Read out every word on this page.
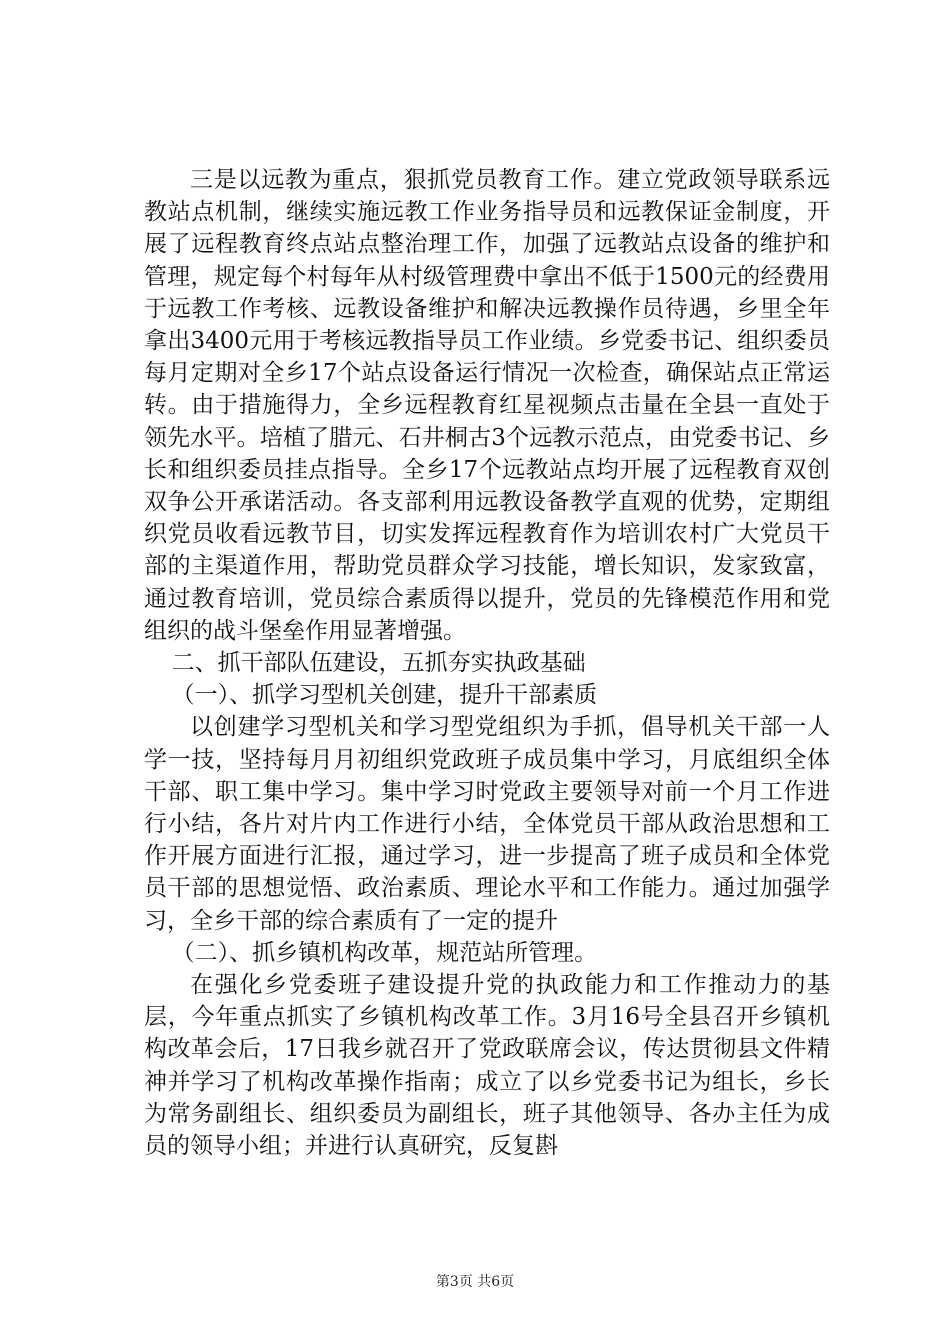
三是以远教为重点，狠抓党员教育工作。建立党政领导联系远教站点机制，继续实施远教工作业务指导员和远教保证金制度，开展了远程教育终点站点整治理工作，加强了远教站点设备的维护和管理，规定每个村每年从村级管理费中拿出不低于1500元的经费用于远教工作考核、远教设备维护和解决远教操作员待遇，乡里全年拿出3400元用于考核远教指导员工作业绩。乡党委书记、组织委员每月定期对全乡17个站点设备运行情况一次检查，确保站点正常运转。由于措施得力，全乡远程教育红星视频点击量在全县一直处于领先水平。培植了腊元、石井桐古3个远教示范点，由党委书记、乡长和组织委员挂点指导。全乡17个远教站点均开展了远程教育双创双争公开承诺活动。各支部利用远教设备教学直观的优势，定期组织党员收看远教节目，切实发挥远程教育作为培训农村广大党员干部的主渠道作用，帮助党员群众学习技能，增长知识，发家致富，通过教育培训，党员综合素质得以提升，党员的先锋模范作用和党组织的战斗堡垒作用显著增强。

二、抓干部队伍建设，五抓夯实执政基础

（一）、抓学习型机关创建，提升干部素质

以创建学习型机关和学习型党组织为手抓，倡导机关干部一人学一技，坚持每月月初组织党政班子成员集中学习，月底组织全体干部、职工集中学习。集中学习时党政主要领导对前一个月工作进行小结，各片对片内工作进行小结，全体党员干部从政治思想和工作开展方面进行汇报，通过学习，进一步提高了班子成员和全体党员干部的思想觉悟、政治素质、理论水平和工作能力。通过加强学习，全乡干部的综合素质有了一定的提升

（二）、抓乡镇机构改革，规范站所管理。

在强化乡党委班子建设提升党的执政能力和工作推动力的基层，今年重点抓实了乡镇机构改革工作。3月16号全县召开乡镇机构改革会后，17日我乡就召开了党政联席会议，传达贯彻县文件精神并学习了机构改革操作指南；成立了以乡党委书记为组长，乡长为常务副组长、组织委员为副组长，班子其他领导、各办主任为成员的领导小组；并进行认真研究，反复斟

第3页 共6页
